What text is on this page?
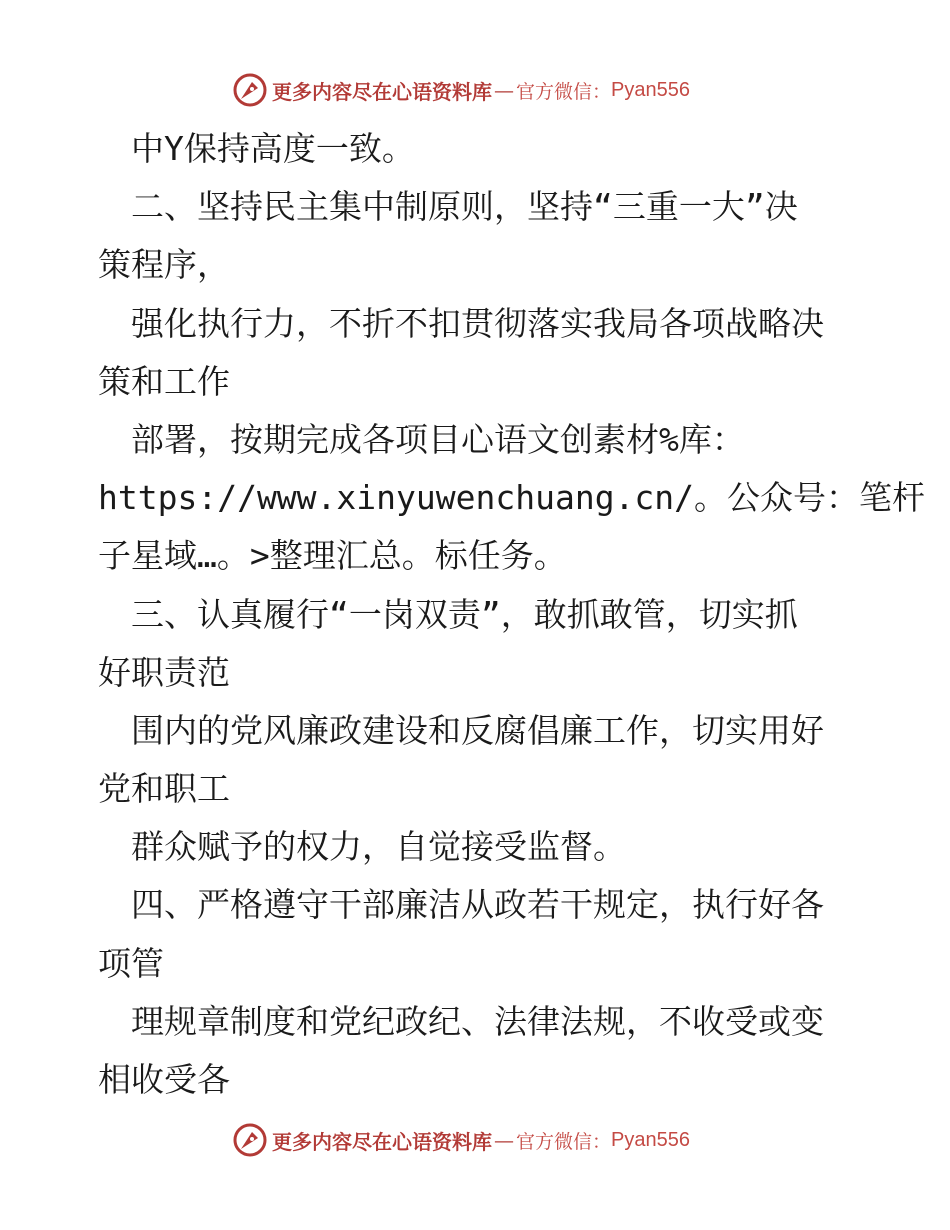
更多内容尽在心语资料库 — 官方微信： Pyan556
　中Y保持高度一致。
　二、坚持民主集中制原则，坚持“三重一大”决
策程序，
　强化执行力，不折不扣贯彻落实我局各项战略决
策和工作
　部署，按期完成各项目心语文创素材%库：
https://www.xinyuwenchuang.cn/。公众号：笔杆
子星域…。>整理汇总。标任务。
　三、认真履行“一岗双责”，敢抓敢管，切实抓
好职责范
　围内的党风廉政建设和反腐倡廉工作，切实用好
党和职工
　群众赋予的权力，自觉接受监督。
　四、严格遵守干部廉洁从政若干规定，执行好各
项管
　理规章制度和党纪政纪、法律法规，不收受或变
相收受各
更多内容尽在心语资料库 — 官方微信： Pyan556
